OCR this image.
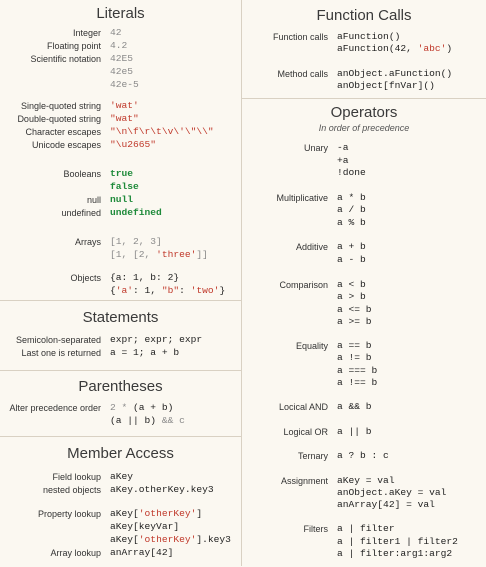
Literals
Integer 42
Floating point 4.2
Scientific notation 42E5
42e5
42e-5
Single-quoted string 'wat'
Double-quoted string "wat"
Character escapes "\n\f\r\t\v\'\"\\"
Unicode escapes "\u2665"
Booleans true
false
null null
undefined undefined
Arrays [1, 2, 3]
[1, [2, 'three']]
Objects {a: 1, b: 2}
{'a': 1, "b": 'two'}
Statements
Semicolon-separated expr; expr; expr
Last one is returned a = 1; a + b
Parentheses
Alter precedence order 2 * (a + b)
(a || b) && c
Member Access
Field lookup aKey
nested objects aKey.otherKey.key3
Property lookup aKey['otherKey']
aKey[keyVar]
aKey['otherKey'].key3
Array lookup anArray[42]
Function Calls
Function calls aFunction()
aFunction(42, 'abc')
Method calls anObject.aFunction()
anObject[fnVar]()
Operators
In order of precedence
Unary -a
+a
!done
Multiplicative a * b
a / b
a % b
Additive a + b
a - b
Comparison a < b
a > b
a <= b
a >= b
Equality a == b
a != b
a === b
a !== b
Locical AND a && b
Logical OR a || b
Ternary a ? b : c
Assignment aKey = val
anObject.aKey = val
anArray[42] = val
Filters a | filter
a | filter1 | filter2
a | filter:arg1:arg2
